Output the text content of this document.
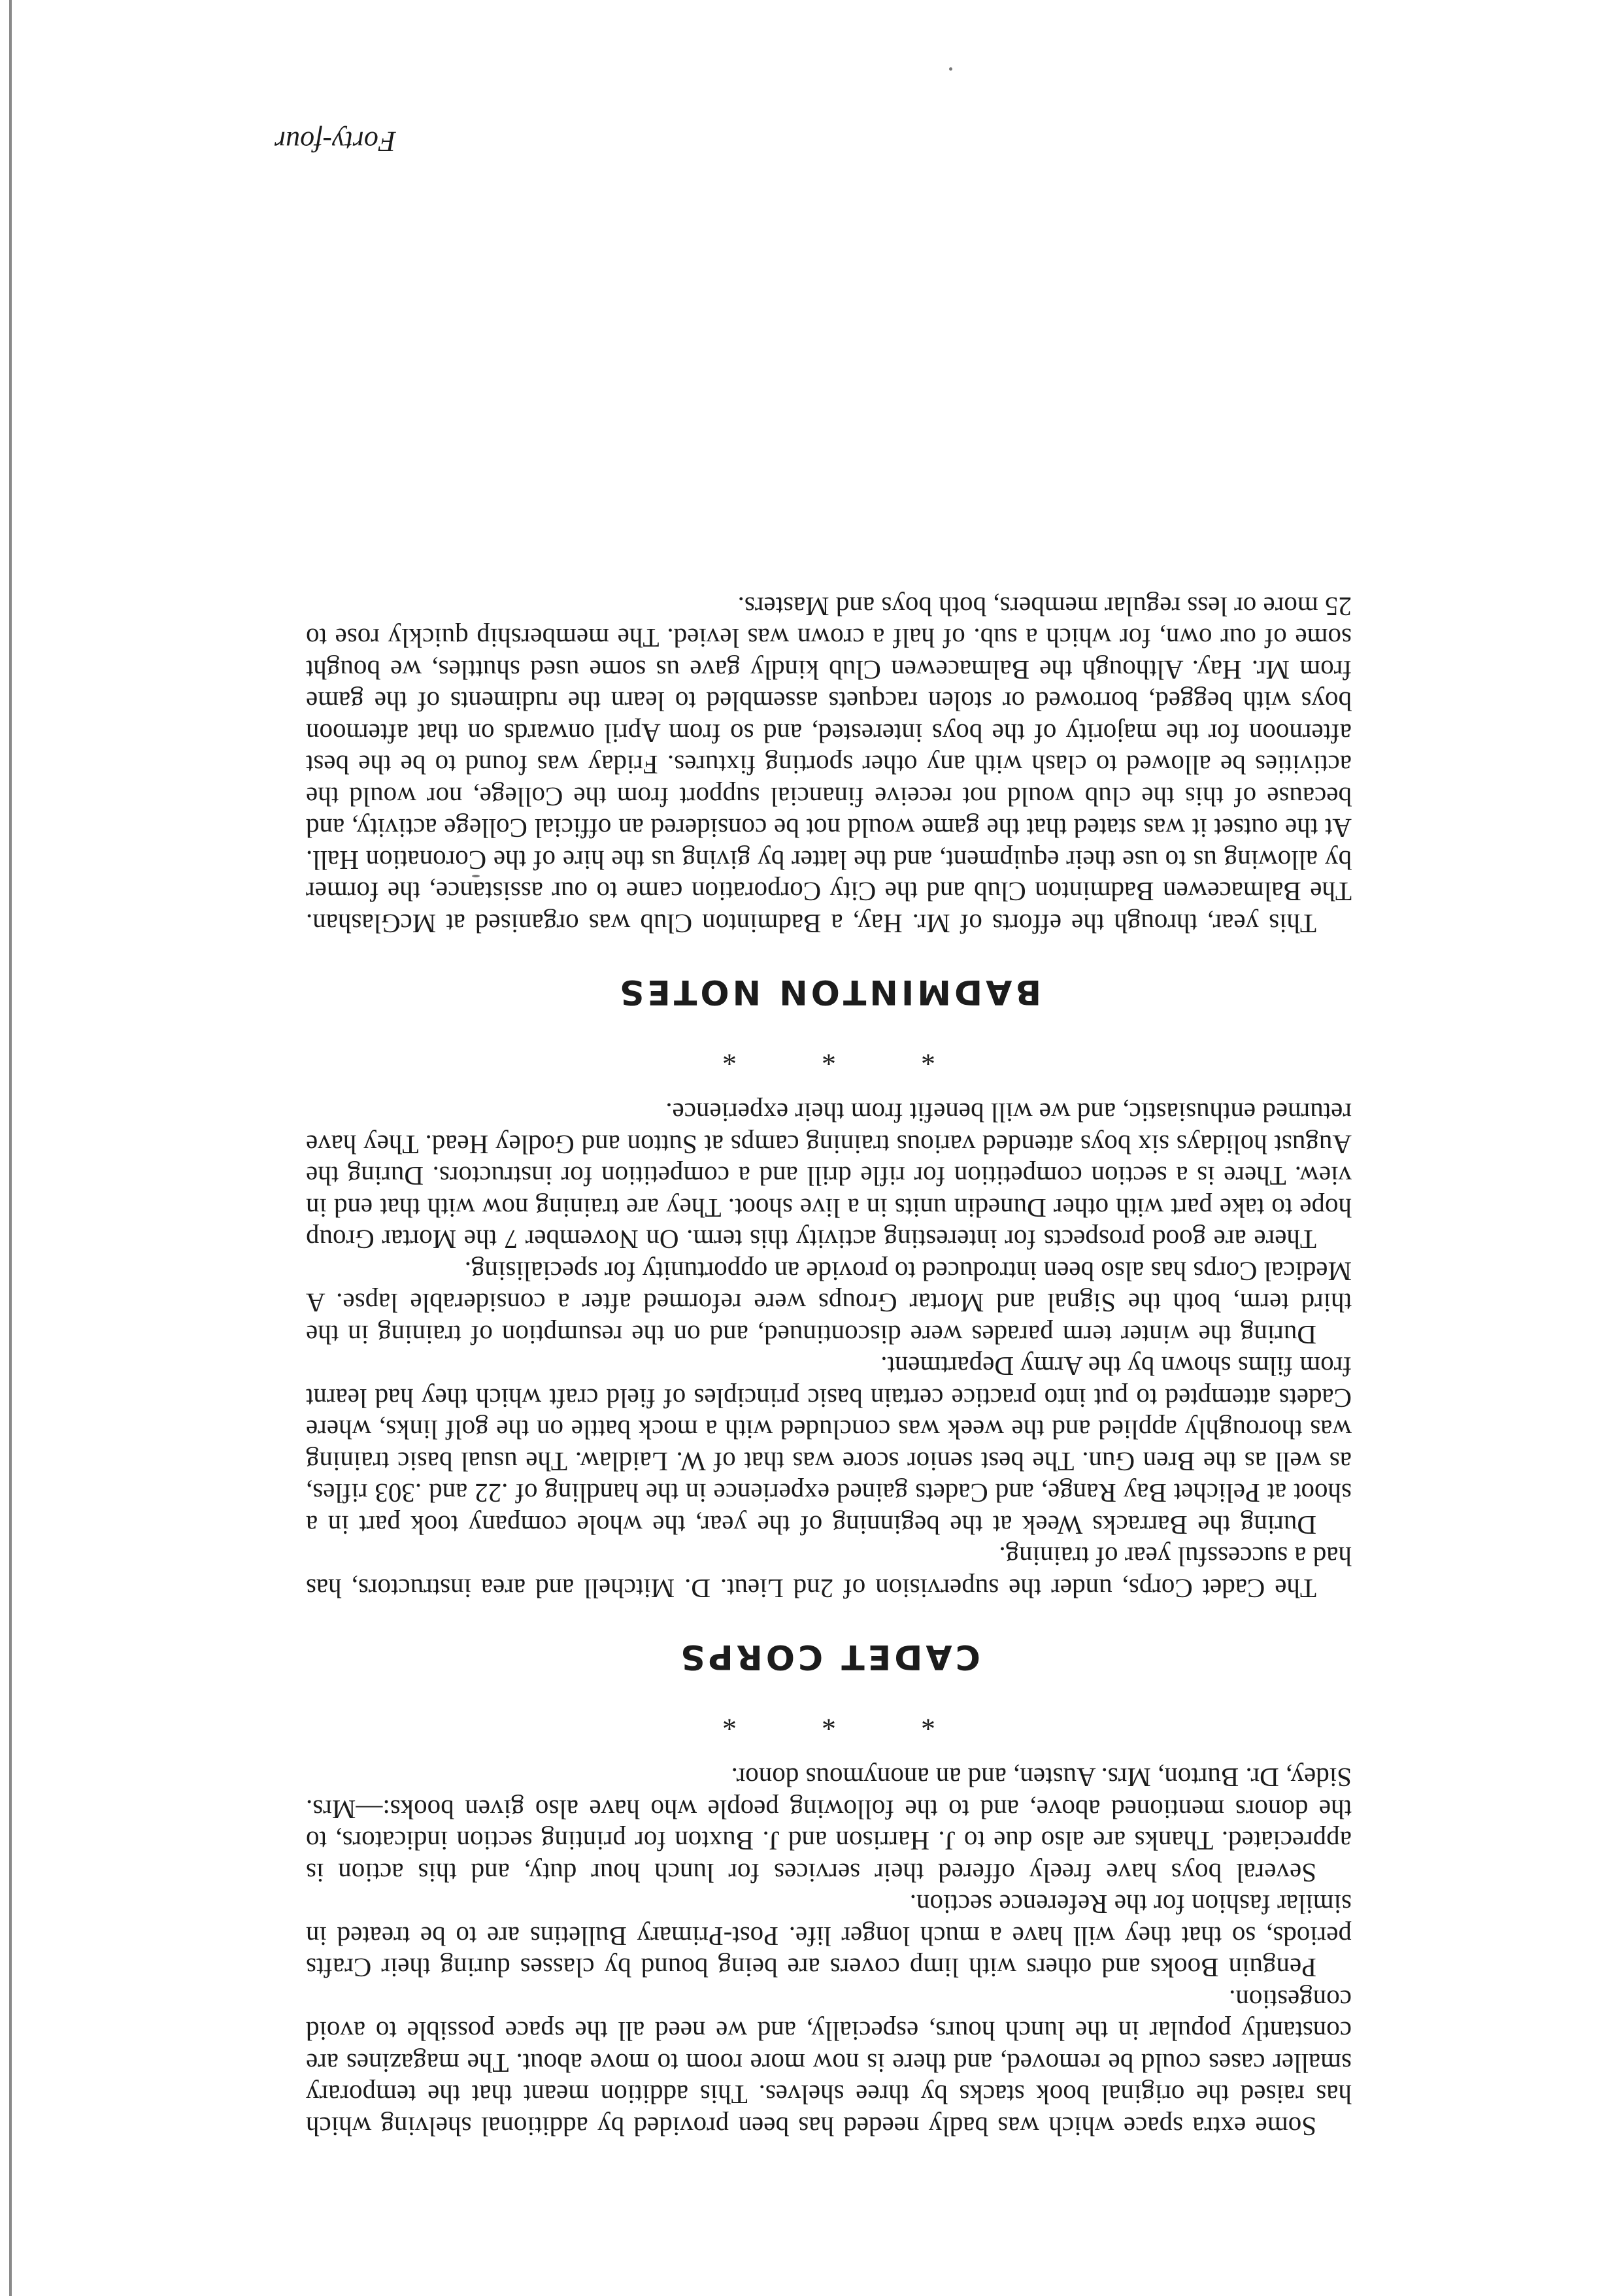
Some extra space which was badly needed has been provided by additional shelving which has raised the original book stacks by three shelves. This addition meant that the temporary smaller cases could be removed, and there is now more room to move about. The magazines are constantly popular in the lunch hours, especially, and we need all the space possible to avoid congestion.

Penguin Books and others with limp covers are being bound by classes during their Crafts periods, so that they will have a much longer life. Post-Primary Bulletins are to be treated in similar fashion for the Reference section.

Several boys have freely offered their services for lunch hour duty, and this action is appreciated. Thanks are also due to J. Harrison and J. Buxton for printing section indicators, to the donors mentioned above, and to the following people who have also given books:—Mrs. Sidey, Dr. Burton, Mrs. Austen, and an anonymous donor.

*
*
*
CADET CORPS

The Cadet Corps, under the supervision of 2nd Lieut. D. Mitchell and area instructors, has had a successful year of training.

During the Barracks Week at the beginning of the year, the whole company took part in a shoot at Pelichet Bay Range, and Cadets gained experience in the handling of .22 and .303 rifles, as well as the Bren Gun. The best senior score was that of W. Laidlaw. The usual basic training was thoroughly applied and the week was concluded with a mock battle on the golf links, where Cadets attempted to put into practice certain basic principles of field craft which they had learnt from films shown by the Army Department.

During the winter term parades were discontinued, and on the resumption of training in the third term, both the Signal and Mortar Groups were reformed after a considerable lapse. A Medical Corps has also been introduced to provide an opportunity for specialising.

There are good prospects for interesting activity this term. On November 7 the Mortar Group hope to take part with other Dunedin units in a live shoot. They are training now with that end in view. There is a section competition for rifle drill and a competition for instructors. During the August holidays six boys attended various training camps at Sutton and Godley Head. They have returned enthusiastic, and we will benefit from their experience.

*
*
*
BADMINTON NOTES

This year, through the efforts of Mr. Hay, a Badminton Club was organised at McGlashan. The Balmacewen Badminton Club and the City Corporation came to our assistance, the former by allowing us to use their equipment, and the latter by giving us the hire of the Coronation Hall. At the outset it was stated that the game would not be considered an official College activity, and because of this the club would not receive financial support from the College, nor would the activities be allowed to clash with any other sporting fixtures. Friday was found to be the best afternoon for the majority of the boys interested, and so from April onwards on that afternoon boys with begged, borrowed or stolen racquets assembled to learn the rudiments of the game from Mr. Hay. Although the Balmacewen Club kindly gave us some used shuttles, we bought some of our own, for which a sub. of half a crown was levied. The membership quickly rose to 25 more or less regular members, both boys and Masters.

Forty-four
